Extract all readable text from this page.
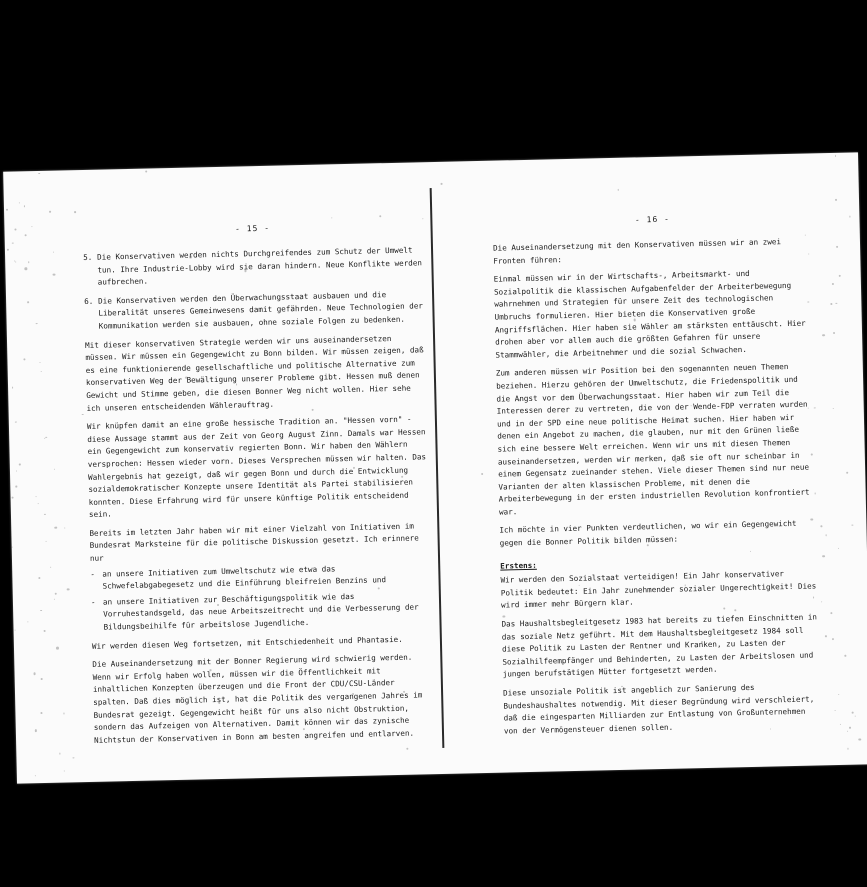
- 15 -
5. Die Konservativen werden nichts Durchgreifendes zum Schutz der Umwelt tun. Ihre Industrie-Lobby wird sie daran hindern. Neue Konflikte werden aufbrechen.
6. Die Konservativen werden den Überwachungsstaat ausbauen und die Liberalität unseres Gemeinwesens damit gefährden. Neue Technologien der Kommunikation werden sie ausbauen, ohne soziale Folgen zu bedenken.

Mit dieser konservativen Strategie werden wir uns auseinandersetzen müssen. Wir müssen ein Gegengewicht zu Bonn bilden. Wir müssen zeigen, daß es eine funktionierende gesellschaftliche und politische Alternative zum konservativen Weg der Bewältigung unserer Probleme gibt. Hessen muß denen Gewicht und Stimme geben, die diesen Bonner Weg nicht wollen. Hier sehe ich unseren entscheidenden Wählerauftrag.

Wir knüpfen damit an eine große hessische Tradition an. "Hessen vorn" - diese Aussage stammt aus der Zeit von Georg August Zinn. Damals war Hessen ein Gegengewicht zum konservativ regierten Bonn. Wir haben den Wählern versprochen: Hessen wieder vorn. Dieses Versprechen müssen wir halten. Das Wahlergebnis hat gezeigt, daß wir gegen Bonn und durch die Entwicklung sozialdemokratischer Konzepte unsere Identität als Partei stabilisieren konnten. Diese Erfahrung wird für unsere künftige Politik entscheidend sein.

Bereits im letzten Jahr haben wir mit einer Vielzahl von Initiativen im Bundesrat Marksteine für die politische Diskussion gesetzt. Ich erinnere nur

- an unsere Initiativen zum Umweltschutz wie etwa das Schwefelabgabegesetz und die Einführung bleifreien Benzins und
- an unsere Initiativen zur Beschäftigungspolitik wie das Vorruhestandsgeld, das neue Arbeitszeitrecht und die Verbesserung der Bildungsbeihilfe für arbeitslose Jugendliche.

Wir werden diesen Weg fortsetzen, mit Entschiedenheit und Phantasie.

Die Auseinandersetzung mit der Bonner Regierung wird schwierig werden. Wenn wir Erfolg haben wollen, müssen wir die Öffentlichkeit mit inhaltlichen Konzepten überzeugen und die Front der CDU/CSU-Länder spalten. Daß dies möglich ist, hat die Politik des vergangenen Jahres im Bundesrat gezeigt. Gegengewicht heißt für uns also nicht Obstruktion, sondern das Aufzeigen von Alternativen. Damit können wir das zynische Nichtstun der Konservativen in Bonn am besten angreifen und entlarven.

- 16 -

Die Auseinandersetzung mit den Konservativen müssen wir an zwei Fronten führen:

Einmal müssen wir in der Wirtschafts-, Arbeitsmarkt- und Sozialpolitik die klassischen Aufgabenfelder der Arbeiterbewegung wahrnehmen und Strategien für unsere Zeit des technologischen Umbruchs formulieren. Hier bieten die Konservativen große Angriffsflächen. Hier haben sie Wähler am stärksten enttäuscht. Hier drohen aber vor allem auch die größten Gefahren für unsere Stammwähler, die Arbeitnehmer und die sozial Schwachen.

Zum anderen müssen wir Position bei den sogenannten neuen Themen beziehen. Hierzu gehören der Umweltschutz, die Friedenspolitik und die Angst vor dem Überwachungsstaat. Hier haben wir zum Teil die Interessen derer zu vertreten, die von der Wende-FDP verraten wurden und in der SPD eine neue politische Heimat suchen. Hier haben wir denen ein Angebot zu machen, die glauben, nur mit den Grünen ließe sich eine bessere Welt erreichen. Wenn wir uns mit diesen Themen auseinandersetzen, werden wir merken, daß sie oft nur scheinbar in einem Gegensatz zueinander stehen. Viele dieser Themen sind nur neue Varianten der alten klassischen Probleme, mit denen die Arbeiterbewegung in der ersten industriellen Revolution konfrontiert war.

Ich möchte in vier Punkten verdeutlichen, wo wir ein Gegengewicht gegen die Bonner Politik bilden müssen:

Erstens:

Wir werden den Sozialstaat verteidigen! Ein Jahr konservativer Politik bedeutet: Ein Jahr zunehmender sozialer Ungerechtigkeit! Dies wird immer mehr Bürgern klar.

Das Haushaltsbegleitgesetz 1983 hat bereits zu tiefen Einschnitten in das soziale Netz geführt. Mit dem Haushaltsbegleitgesetz 1984 soll diese Politik zu Lasten der Rentner und Kranken, zu Lasten der Sozialhilfeempfänger und Behinderten, zu Lasten der Arbeitslosen und jungen berufstätigen Mütter fortgesetzt werden.

Diese unsoziale Politik ist angeblich zur Sanierung des Bundeshaushaltes notwendig. Mit dieser Begründung wird verschleiert, daß die eingesparten Milliarden zur Entlastung von Großunternehmen von der Vermögensteuer dienen sollen.
